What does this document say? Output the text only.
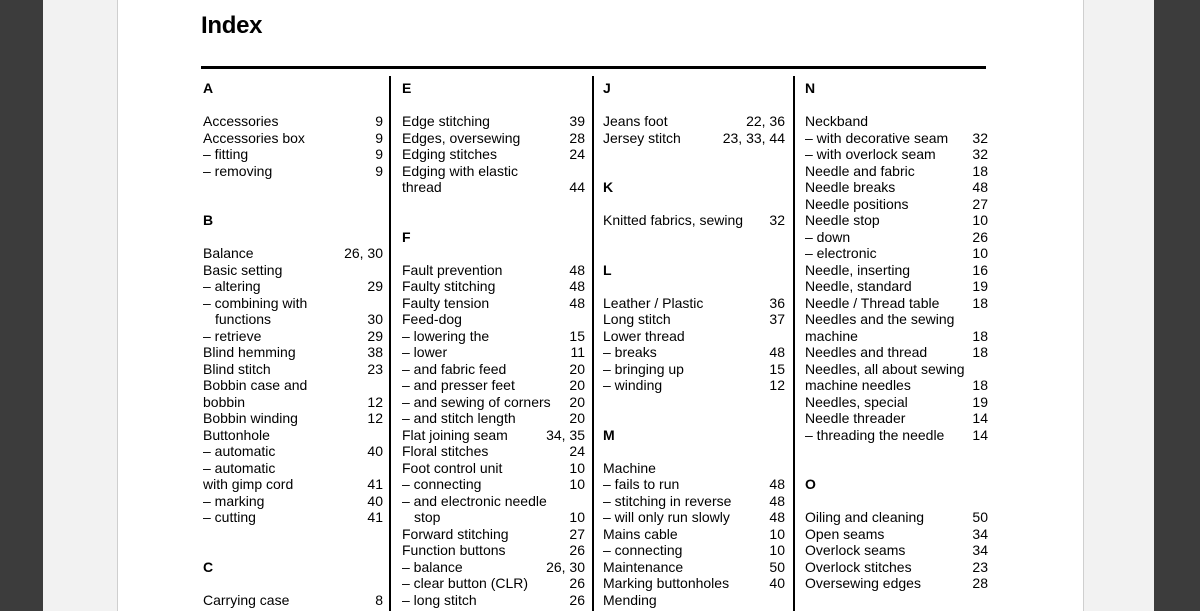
Index
A
Accessories	9
Accessories box	9
– fitting	9
– removing	9
B
Balance	26, 30
Basic setting
– altering	29
– combining with
functions	30
– retrieve	29
Blind hemming	38
Blind stitch	23
Bobbin case and
bobbin	12
Bobbin winding	12
Buttonhole
– automatic	40
– automatic
with gimp cord	41
– marking	40
– cutting	41
C
Carrying case	8
E
Edge stitching	39
Edges, oversewing	28
Edging stitches	24
Edging with elastic
thread	44
F
Fault prevention	48
Faulty stitching	48
Faulty tension	48
Feed-dog
– lowering the	15
– lower	11
– and fabric feed	20
– and presser feet	20
– and sewing of corners 20
– and stitch length	20
Flat joining seam	34, 35
Floral stitches	24
Foot control unit	10
– connecting	10
– and electronic needle
stop	10
Forward stitching	27
Function buttons	26
– balance	26, 30
– clear button (CLR)	26
– long stitch	26
J
Jeans foot	22, 36
Jersey stitch	23, 33, 44
K
Knitted fabrics, sewing 32
L
Leather / Plastic	36
Long stitch	37
Lower thread
– breaks	48
– bringing up	15
– winding	12
M
Machine
– fails to run	48
– stitching in reverse	48
– will only run slowly	48
Mains cable	10
– connecting	10
Maintenance	50
Marking buttonholes	40
Mending
N
Neckband
– with decorative seam 32
– with overlock seam	32
Needle and fabric	18
Needle breaks	48
Needle positions	27
Needle stop	10
– down	26
– electronic	10
Needle, inserting	16
Needle, standard	19
Needle / Thread table 18
Needles and the sewing
machine	18
Needles and thread	18
Needles, all about sewing
machine needles	18
Needles, special	19
Needle threader	14
– threading the needle 14
O
Oiling and cleaning	50
Open seams	34
Overlock seams	34
Overlock stitches	23
Oversewing edges	28
